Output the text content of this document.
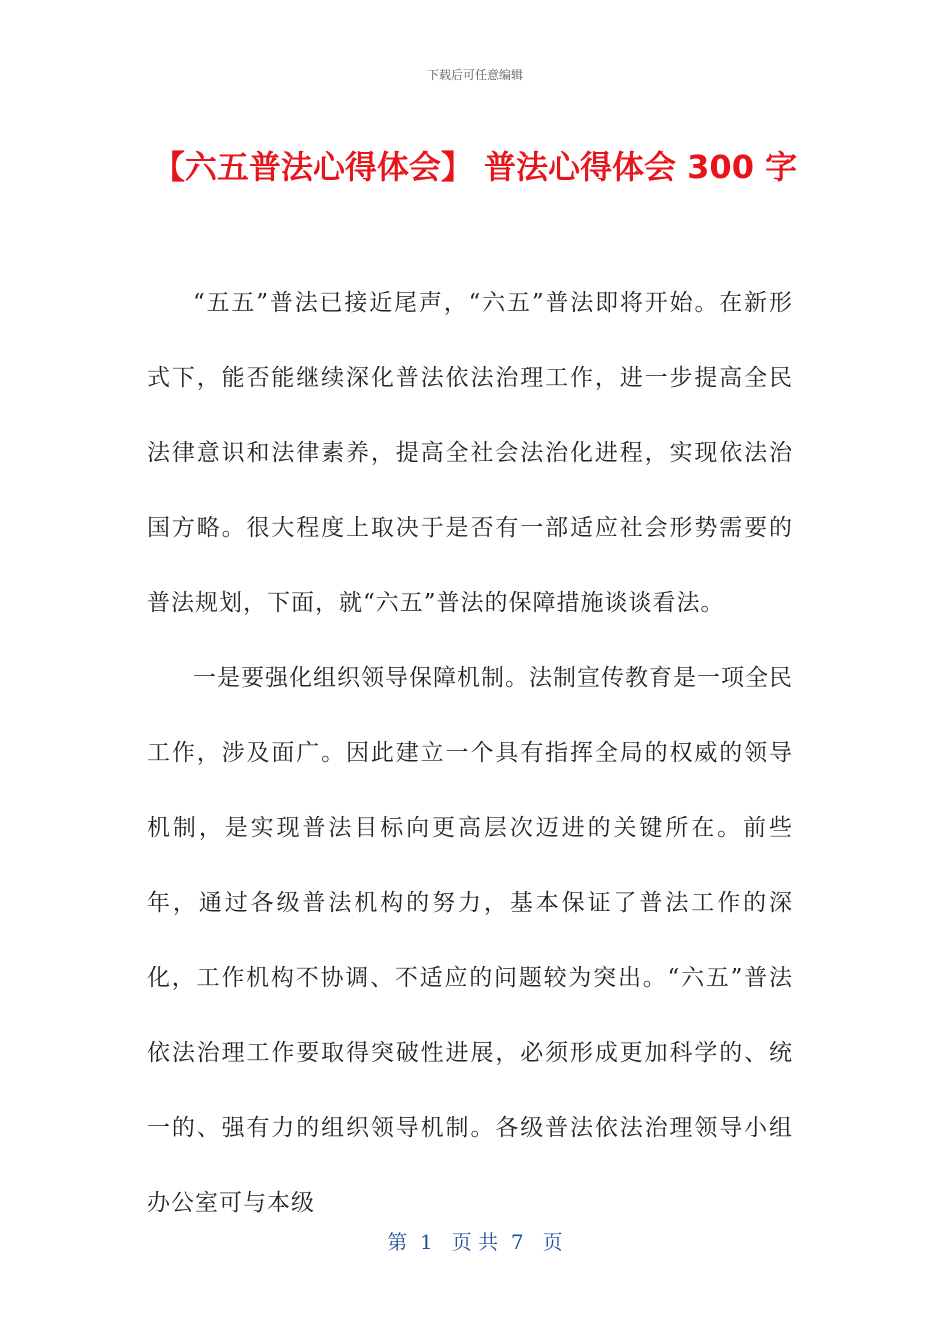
下载后可任意编辑
【六五普法心得体会】 普法心得体会 300 字

“五五”普法已接近尾声，“六五”普法即将开始。在新形式下，能否能继续深化普法依法治理工作，进一步提高全民法律意识和法律素养，提高全社会法治化进程，实现依法治国方略。很大程度上取决于是否有一部适应社会形势需要的普法规划，下面，就“六五”普法的保障措施谈谈看法。

一是要强化组织领导保障机制。法制宣传教育是一项全民工作，涉及面广。因此建立一个具有指挥全局的权威的领导机制，是实现普法目标向更高层次迈进的关键所在。前些年，通过各级普法机构的努力，基本保证了普法工作的深化，工作机构不协调、不适应的问题较为突出。“六五”普法依法治理工作要取得突破性进展，必须形成更加科学的、统一的、强有力的组织领导机制。各级普法依法治理领导小组办公室可与本级

第  1   页 共  7   页
